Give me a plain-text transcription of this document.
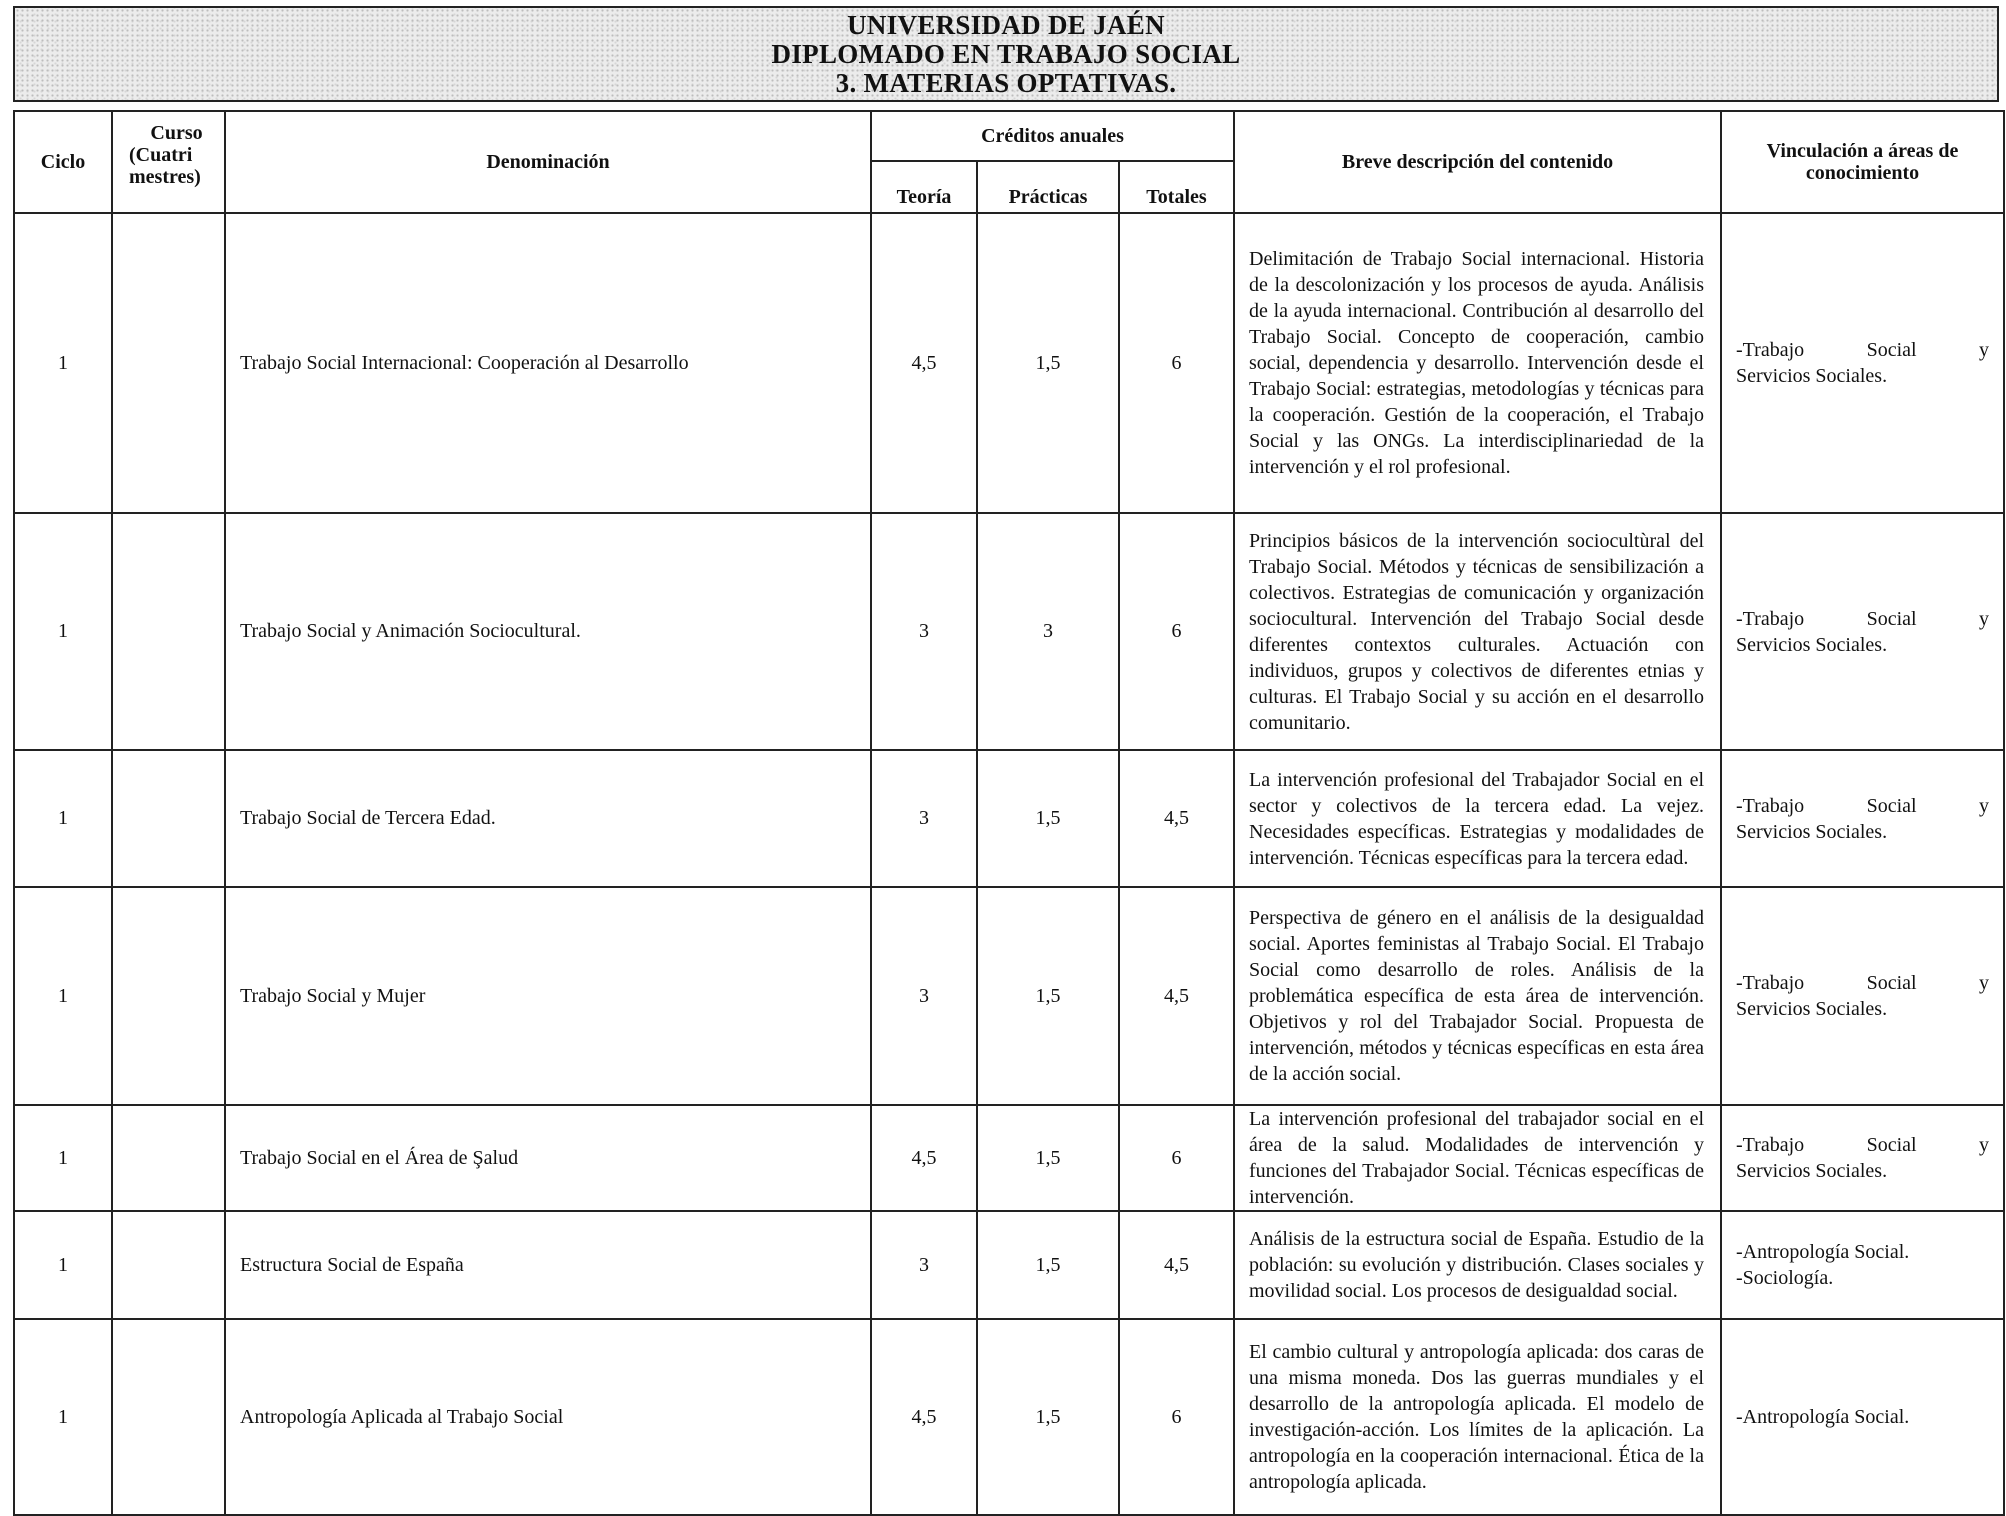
UNIVERSIDAD DE JAÉN
DIPLOMADO EN TRABAJO SOCIAL
3. MATERIAS OPTATIVAS.
Ciclo	Curso
(Cuatri
mestres)	Denominación	Créditos anuales			Breve descripción del contenido	Vinculación a áreas de conocimiento
			Teoría	Prácticas	Totales		
1		Trabajo Social Internacional: Cooperación al Desarrollo	4,5	1,5	6	Delimitación de Trabajo Social internacional. Historia de la descolonización y los procesos de ayuda. Análisis de la ayuda internacional. Contribución al desarrollo del Trabajo Social. Concepto de cooperación, cambio social, dependencia y desarrollo. Intervención desde el Trabajo Social: estrategias, metodologías y técnicas para la cooperación. Gestión de la cooperación, el Trabajo Social y las ONGs. La interdisciplinariedad de la intervención y el rol profesional.	-Trabajo Social y
Servicios Sociales.

1		Trabajo Social y Animación Sociocultural.	3	3	6	Principios básicos de la intervención sociocultùral del Trabajo Social. Métodos y técnicas de sensibilización a colectivos. Estrategias de comunicación y organización sociocultural. Intervención del Trabajo Social desde diferentes contextos culturales. Actuación con individuos, grupos y colectivos de diferentes etnias y culturas. El Trabajo Social y su acción en el desarrollo comunitario.	-Trabajo Social y
Servicios Sociales.

1		Trabajo Social de Tercera Edad.	3	1,5	4,5	La intervención profesional del Trabajador Social en el sector y colectivos de la tercera edad. La vejez. Necesidades específicas. Estrategias y modalidades de intervención. Técnicas específicas para la tercera edad.	-Trabajo Social y
Servicios Sociales.

1		Trabajo Social y Mujer	3	1,5	4,5	Perspectiva de género en el análisis de la desigualdad social. Aportes feministas al Trabajo Social. El Trabajo Social como desarrollo de roles. Análisis de la problemática específica de esta área de intervención. Objetivos y rol del Trabajador Social. Propuesta de intervención, métodos y técnicas específicas en esta área de la acción social.	-Trabajo Social y
Servicios Sociales.

1		Trabajo Social en el Área de Şalud	4,5	1,5	6	La intervención profesional del trabajador social en el área de la salud. Modalidades de intervención y funciones del Trabajador Social. Técnicas específicas de intervención.	-Trabajo Social y
Servicios Sociales.

1		Estructura Social de España	3	1,5	4,5	Análisis de la estructura social de España. Estudio de la población: su evolución y distribución. Clases sociales y movilidad social. Los procesos de desigualdad social.	-Antropología Social.
-Sociología.

1		Antropología Aplicada al Trabajo Social	4,5	1,5	6	El cambio cultural y antropología aplicada: dos caras de una misma moneda. Dos las guerras mundiales y el desarrollo de la antropología aplicada. El modelo de investigación-acción. Los límites de la aplicación. La antropología en la cooperación internacional. Ética de la antropología aplicada.	-Antropología Social.
